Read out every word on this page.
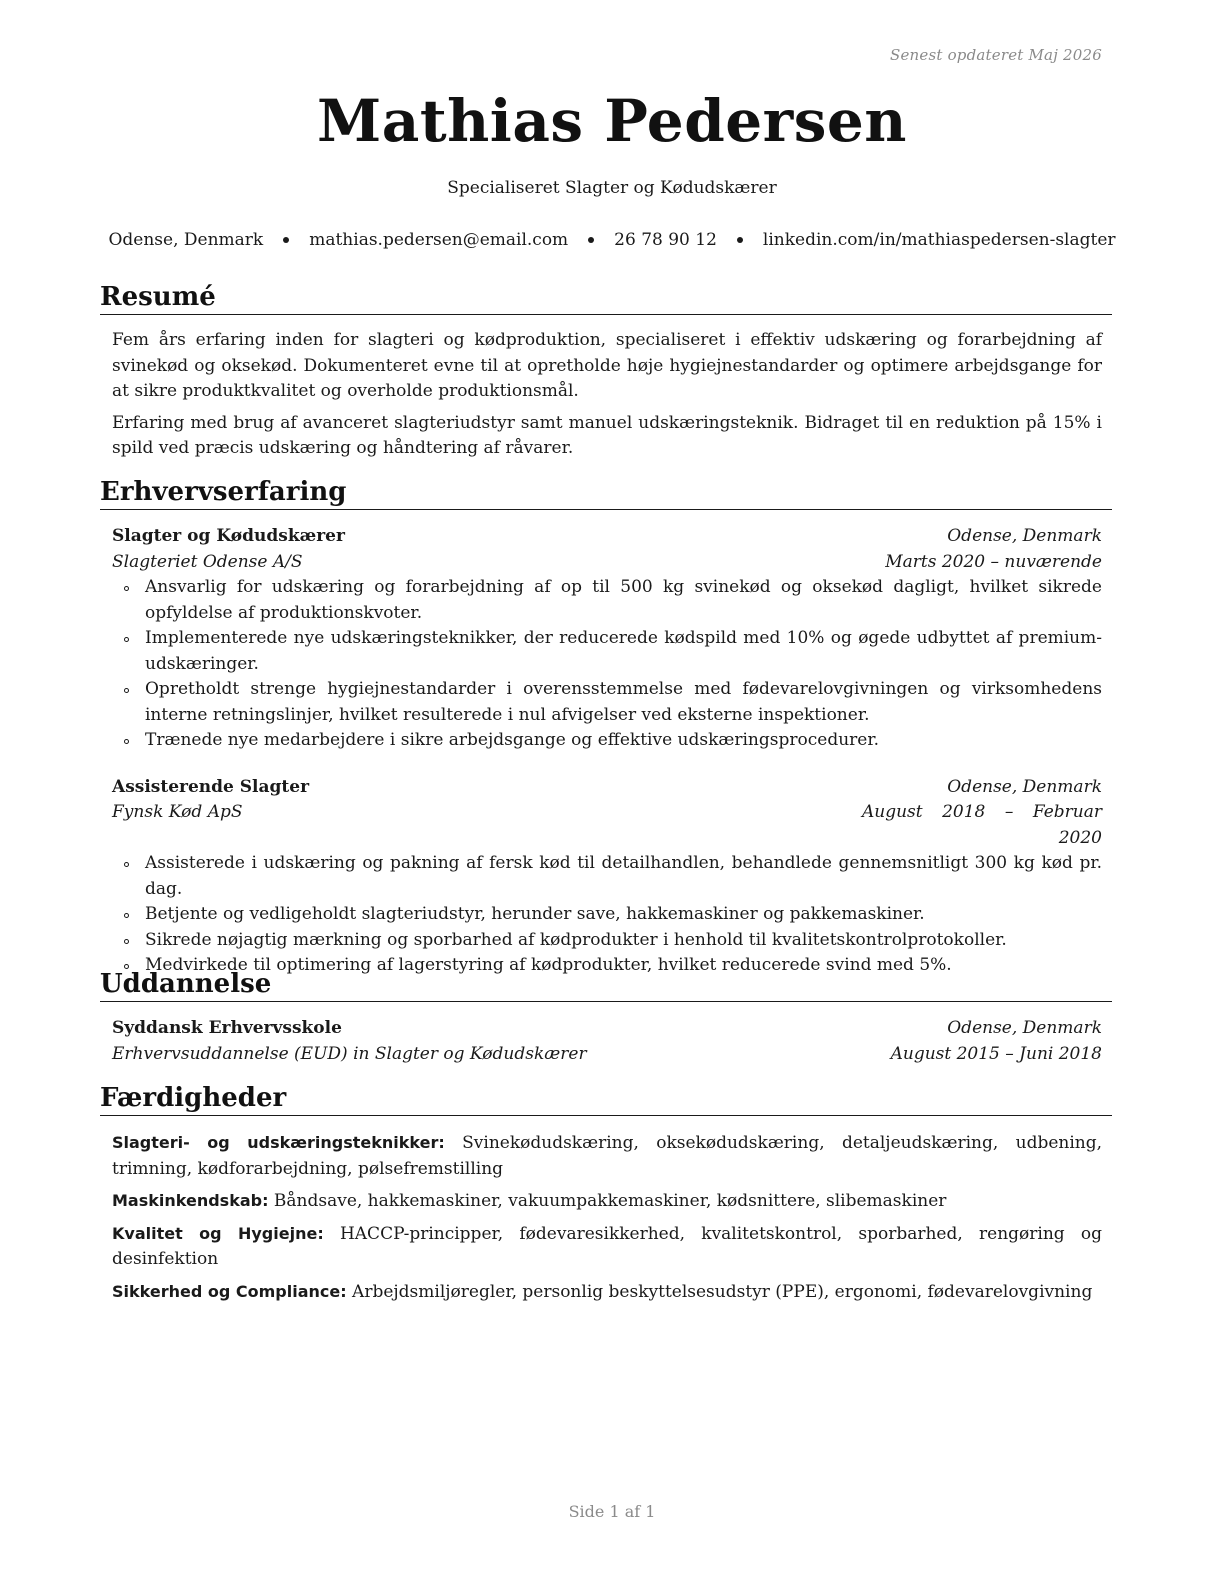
Senest opdateret Maj 2026
Mathias Pedersen
Specialiseret Slagter og Kødudskærer
Odense, Denmark	mathias.pedersen@email.com	26 78 90 12	linkedin.com/in/mathiaspedersen-slagter
Resumé

Fem års erfaring inden for slagteri og kødproduktion, specialiseret i effektiv udskæring og forarbejdning af svinekød og oksekød. Dokumenteret evne til at opretholde høje hygiejnestandarder og optimere arbejdsgange for at sikre produktkvalitet og overholde produktionsmål.

Erfaring med brug af avanceret slagteriudstyr samt manuel udskæringsteknik. Bidraget til en reduktion på 15% i spild ved præcis udskæring og håndtering af råvarer.

Erhvervserfaring
Slagter og Kødudskærer	Odense, Denmark
Slagteriet Odense A/S	Marts 2020 – nuværende
Ansvarlig for udskæring og forarbejdning af op til 500 kg svinekød og oksekød dagligt, hvilket sikrede opfyldelse af produktionskvoter.
Implementerede nye udskæringsteknikker, der reducerede kødspild med 10% og øgede udbyttet af premium-udskæringer.
Opretholdt strenge hygiejnestandarder i overensstemmelse med fødevarelovgivningen og virksomhedens interne retningslinjer, hvilket resulterede i nul afvigelser ved eksterne inspektioner.
Trænede nye medarbejdere i sikre arbejdsgange og effektive udskæringsprocedurer.
Assisterende Slagter	Odense, Denmark
Fynsk Kød ApS	August 2018 – Februar 2020
Assisterede i udskæring og pakning af fersk kød til detailhandlen, behandlede gennemsnitligt 300 kg kød pr. dag.
Betjente og vedligeholdt slagteriudstyr, herunder save, hakkemaskiner og pakkemaskiner.
Sikrede nøjagtig mærkning og sporbarhed af kødprodukter i henhold til kvalitetskontrolprotokoller.
Medvirkede til optimering af lagerstyring af kødprodukter, hvilket reducerede svind med 5%.
Uddannelse
Syddansk Erhvervsskole	Odense, Denmark
Erhvervsuddannelse (EUD) in Slagter og Kødudskærer	August 2015 – Juni 2018
Færdigheder

Slagteri- og udskæringsteknikker: Svinekødudskæring, oksekødudskæring, detaljeudskæring, udbening, trimning, kødforarbejdning, pølsefremstilling

Maskinkendskab: Båndsave, hakkemaskiner, vakuumpakkemaskiner, kødsnittere, slibemaskiner

Kvalitet og Hygiejne: HACCP-principper, fødevaresikkerhed, kvalitetskontrol, sporbarhed, rengøring og desinfektion

Sikkerhed og Compliance: Arbejdsmiljøregler, personlig beskyttelsesudstyr (PPE), ergonomi, fødevarelovgivning

Side 1 af 1
